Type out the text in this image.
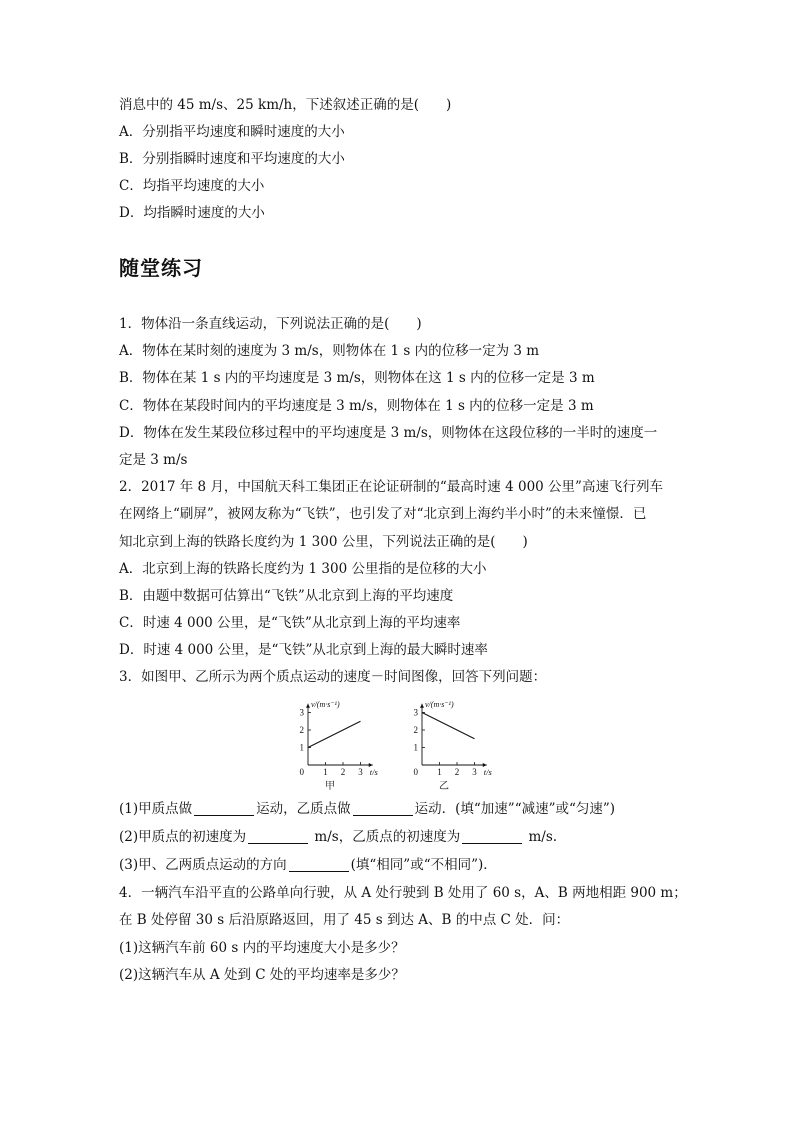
消息中的 45 m/s、25 km/h，下述叙述正确的是(　　)
A．分别指平均速度和瞬时速度的大小
B．分别指瞬时速度和平均速度的大小
C．均指平均速度的大小
D．均指瞬时速度的大小
随堂练习
1．物体沿一条直线运动，下列说法正确的是(　　)
A．物体在某时刻的速度为 3 m/s，则物体在 1 s 内的位移一定为 3 m
B．物体在某 1 s 内的平均速度是 3 m/s，则物体在这 1 s 内的位移一定是 3 m
C．物体在某段时间内的平均速度是 3 m/s，则物体在 1 s 内的位移一定是 3 m
D．物体在发生某段位移过程中的平均速度是 3 m/s，则物体在这段位移的一半时的速度一
定是 3 m/s
2．2017 年 8 月，中国航天科工集团正在论证研制的“最高时速 4 000 公里”高速飞行列车
在网络上“刷屏”，被网友称为“飞铁”，也引发了对“北京到上海约半小时”的未来憧憬．已
知北京到上海的铁路长度约为 1 300 公里，下列说法正确的是(　　)
A．北京到上海的铁路长度约为 1 300 公里指的是位移的大小
B．由题中数据可估算出“飞铁”从北京到上海的平均速度
C．时速 4 000 公里，是“飞铁”从北京到上海的平均速率
D．时速 4 000 公里，是“飞铁”从北京到上海的最大瞬时速率
3．如图甲、乙所示为两个质点运动的速度－时间图像，回答下列问题：
1 2 3
1
2
3
0
v/(m·s⁻¹)
t/s
甲
1 2 3
1
2
3
0
v/(m·s⁻¹)
t/s
乙
(1)甲质点做	运动，乙质点做	运动．(填“加速”“减速”或“匀速”)
(2)甲质点的初速度为	m/s，乙质点的初速度为	m/s.
(3)甲、乙两质点运动的方向	(填“相同”或“不相同”)．
4．一辆汽车沿平直的公路单向行驶，从 A 处行驶到 B 处用了 60 s，A、B 两地相距 900 m；
在 B 处停留 30 s 后沿原路返回，用了 45 s 到达 A、B 的中点 C 处．问：
(1)这辆汽车前 60 s 内的平均速度大小是多少？
(2)这辆汽车从 A 处到 C 处的平均速率是多少？
